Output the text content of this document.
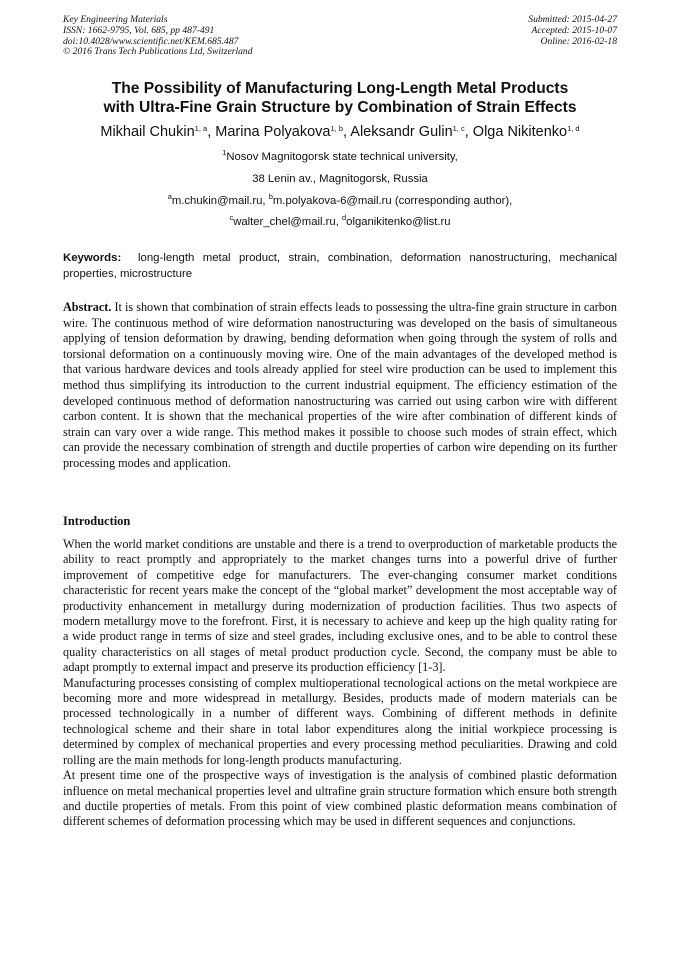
Key Engineering Materials
ISSN: 1662-9795, Vol. 685, pp 487-491
doi:10.4028/www.scientific.net/KEM.685.487
© 2016 Trans Tech Publications Ltd, Switzerland
Submitted: 2015-04-27
Accepted: 2015-10-07
Online: 2016-02-18
The Possibility of Manufacturing Long-Length Metal Products
with Ultra-Fine Grain Structure by Combination of Strain Effects
Mikhail Chukin$^{1, a}$, Marina Polyakova$^{1, b}$, Aleksandr Gulin$^{1, c}$, Olga Nikitenko$^{1, d}$
$^1$Nosov Magnitogorsk state technical university,
38 Lenin av., Magnitogorsk, Russia
$^a$m.chukin@mail.ru, $^b$m.polyakova-6@mail.ru (corresponding author),
$^c$walter_chel@mail.ru, $^d$olganikitenko@list.ru
Keywords: long-length metal product, strain, combination, deformation nanostructuring, mechanical properties, microstructure
Abstract. It is shown that combination of strain effects leads to possessing the ultra-fine grain structure in carbon wire. The continuous method of wire deformation nanostructuring was developed on the basis of simultaneous applying of tension deformation by drawing, bending deformation when going through the system of rolls and torsional deformation on a continuously moving wire. One of the main advantages of the developed method is that various hardware devices and tools already applied for steel wire production can be used to implement this method thus simplifying its introduction to the current industrial equipment. The efficiency estimation of the developed continuous method of deformation nanostructuring was carried out using carbon wire with different carbon content. It is shown that the mechanical properties of the wire after combination of different kinds of strain can vary over a wide range. This method makes it possible to choose such modes of strain effect, which can provide the necessary combination of strength and ductile properties of carbon wire depending on its further processing modes and application.
Introduction

When the world market conditions are unstable and there is a trend to overproduction of marketable products the ability to react promptly and appropriately to the market changes turns into a powerful drive of further improvement of competitive edge for manufacturers. The ever-changing consumer market conditions characteristic for recent years make the concept of the “global market” development the most acceptable way of productivity enhancement in metallurgy during modernization of production facilities. Thus two aspects of modern metallurgy move to the forefront. First, it is necessary to achieve and keep up the high quality rating for a wide product range in terms of size and steel grades, including exclusive ones, and to be able to control these quality characteristics on all stages of metal product production cycle. Second, the company must be able to adapt promptly to external impact and preserve its production efficiency [1-3].

Manufacturing processes consisting of complex multioperational tecnological actions on the metal workpiece are becoming more and more widespread in metallurgy. Besides, products made of modern materials can be processed technologically in a number of different ways. Combining of different methods in definite technological scheme and their share in total labor expenditures along the initial workpiece processing is determined by complex of mechanical properties and every processing method peculiarities. Drawing and cold rolling are the main methods for long-length products manufacturing.

At present time one of the prospective ways of investigation is the analysis of combined plastic deformation influence on metal mechanical properties level and ultrafine grain structure formation which ensure both strength and ductile properties of metals. From this point of view combined plastic deformation means combination of different schemes of deformation processing which may be used in different sequences and conjunctions.
